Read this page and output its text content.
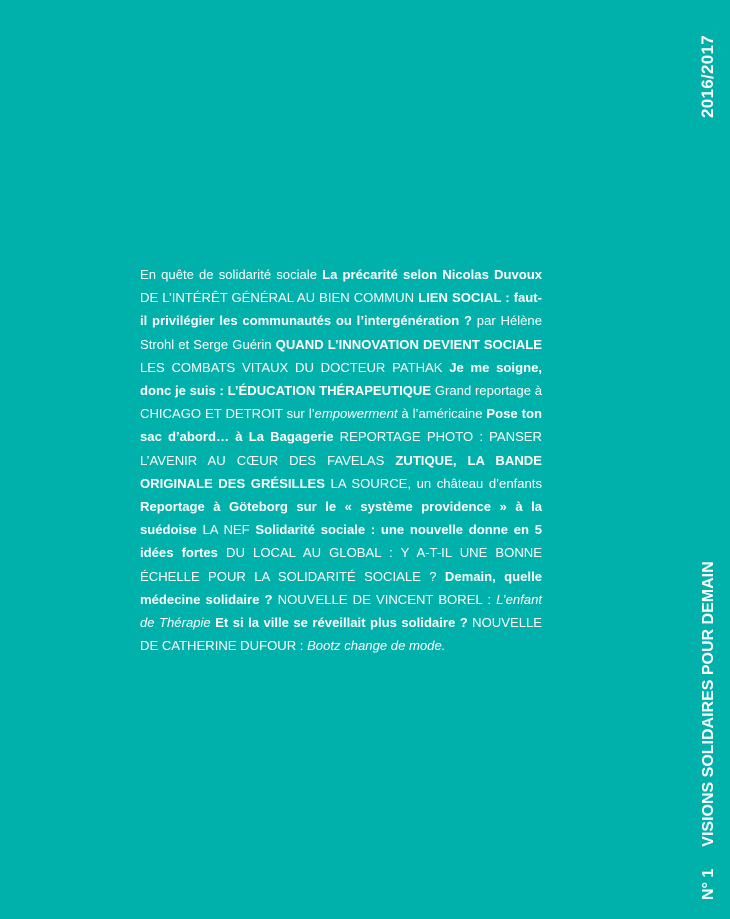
2016/2017
N° 1VISIONS SOLIDAIRES POUR DEMAIN

En quête de solidarité sociale La précarité selon Nicolas Duvoux DE L’INTÉRÊT GÉNÉRAL AU BIEN COMMUN LIEN SOCIAL : faut-il privilégier les communautés ou l’intergénération ? par Hélène Strohl et Serge Guérin QUAND L’INNOVATION DEVIENT SOCIALE LES COMBATS VITAUX DU DOCTEUR PATHAK Je me soigne, donc je suis : L’ÉDUCATION THÉRAPEUTIQUE Grand reportage à CHICAGO ET DETROIT sur l’empowerment à l’américaine Pose ton sac d’abord… à La Bagagerie REPORTAGE PHOTO : PANSER L’AVENIR AU CŒUR DES FAVELAS ZUTIQUE, LA BANDE ORIGINALE DES GRÉSILLES LA SOURCE, un château d’enfants Reportage à Göteborg sur le « système providence » à la suédoise LA NEF Solidarité sociale : une nouvelle donne en 5 idées fortes DU LOCAL AU GLOBAL : Y A-T-IL UNE BONNE ÉCHELLE POUR LA SOLIDARITÉ SOCIALE ? Demain, quelle médecine solidaire ? NOUVELLE DE VINCENT BOREL : L’enfant de Thérapie Et si la ville se réveillait plus solidaire ? NOUVELLE DE CATHERINE DUFOUR : Bootz change de mode.
